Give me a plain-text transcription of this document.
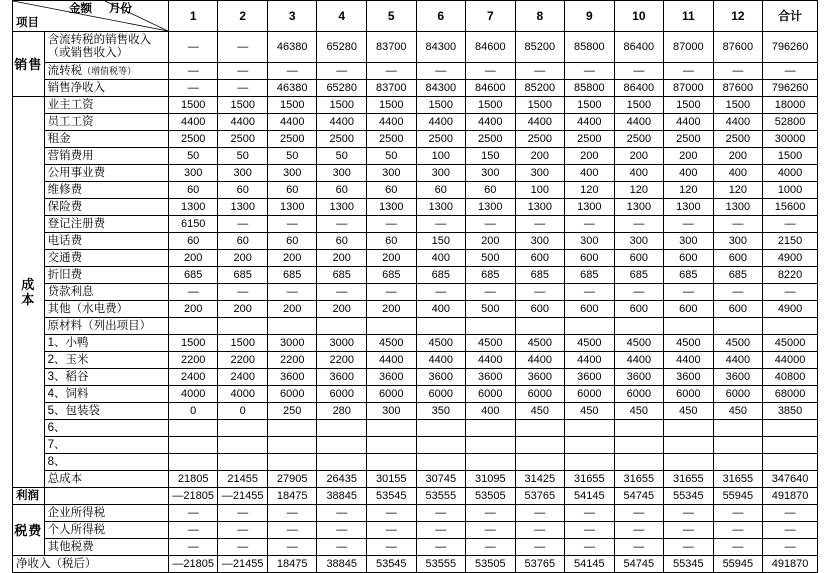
金额 月份
项目		1	2	3	4	5	6	7	8	9	10	11	12	合计

销售	含流转税的销售收入
（或销售收入）	—	—	46380	65280	83700	84300	84600	85200	85800	86400	87000	87600	796260
	流转税（增值税等）	—	—	—	—	—	—	—	—	—	—	—	—	—
	销售净收入	—	—	46380	65280	83700	84300	84600	85200	85800	86400	87000	87600	796260

成本	业主工资	1500	1500	1500	1500	1500	1500	1500	1500	1500	1500	1500	1500	18000
	员工工资	4400	4400	4400	4400	4400	4400	4400	4400	4400	4400	4400	4400	52800
	租金	2500	2500	2500	2500	2500	2500	2500	2500	2500	2500	2500	2500	30000
	营销费用	50	50	50	50	50	100	150	200	200	200	200	200	1500
	公用事业费	300	300	300	300	300	300	300	300	400	400	400	400	4000
	维修费	60	60	60	60	60	60	60	100	120	120	120	120	1000
	保险费	1300	1300	1300	1300	1300	1300	1300	1300	1300	1300	1300	1300	15600
	登记注册费	6150	—	—	—	—	—	—	—	—	—	—	—	—
	电话费	60	60	60	60	60	150	200	300	300	300	300	300	2150
	交通费	200	200	200	200	200	400	500	600	600	600	600	600	4900
	折旧费	685	685	685	685	685	685	685	685	685	685	685	685	8220
	贷款利息	—	—	—	—	—	—	—	—	—	—	—	—	—
	其他（水电费）	200	200	200	200	200	400	500	600	600	600	600	600	4900
	原材料（列出项目）													
	1、小鸭	1500	1500	3000	3000	4500	4500	4500	4500	4500	4500	4500	4500	45000
	2、玉米	2200	2200	2200	2200	4400	4400	4400	4400	4400	4400	4400	4400	44000
	3、稻谷	2400	2400	3600	3600	3600	3600	3600	3600	3600	3600	3600	3600	40800
	4、饲料	4000	4000	6000	6000	6000	6000	6000	6000	6000	6000	6000	6000	68000
	5、包装袋	0	0	250	280	300	350	400	450	450	450	450	450	3850
	6、													
	7、													
	8、													
	总成本	21805	21455	27905	26435	30155	30745	31095	31425	31655	31655	31655	31655	347640
利润		—21805	—21455	18475	38845	53545	53555	53505	53765	54145	54745	55345	55945	491870

税费	企业所得税	—	—	—	—	—	—	—	—	—	—	—	—	—
	个人所得税	—	—	—	—	—	—	—	—	—	—	—	—	—
	其他税费	—	—	—	—	—	—	—	—	—	—	—	—	—
净收入（税后）		—21805	—21455	18475	38845	53545	53555	53505	53765	54145	54745	55345	55945	491870
